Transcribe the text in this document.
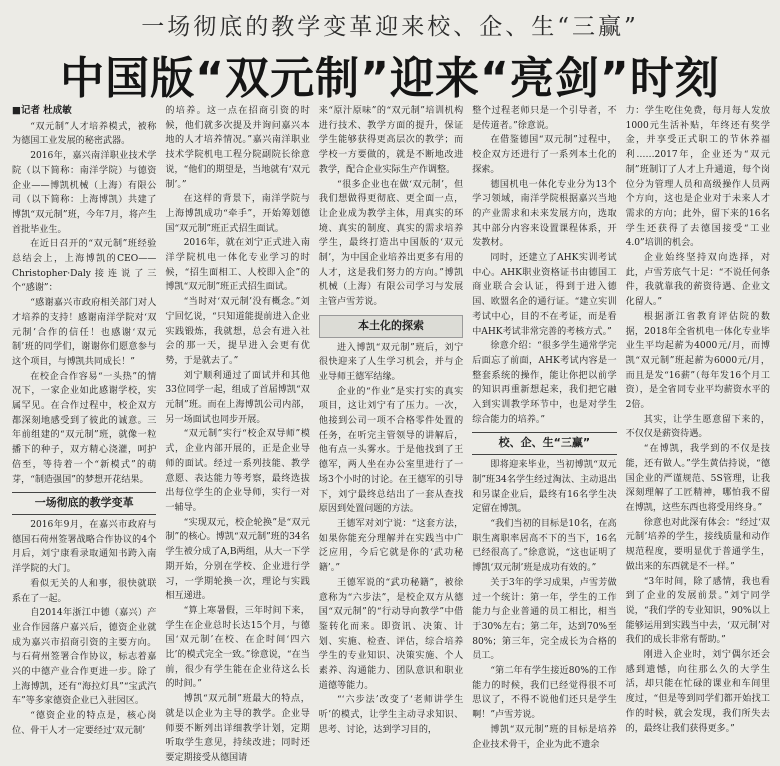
一场彻底的教学变革迎来校、企、生“三赢”
中国版“双元制”迎来“亮剑”时刻
■记者 杜成敏

“双元制”人才培养模式，被称为德国工业发展的秘密武器。

2016年，嘉兴南洋职业技术学院（以下简称：南洋学院）与德资企业——博凯机械（上海）有限公司（以下简称：上海博凯）共建了博凯“双元制”班，今年7月，将产生首批毕业生。

在近日召开的“双元制”班经验总结会上，上海博凯的CEO——Christopher·Daly接连说了三个“感谢”：

“感谢嘉兴市政府相关部门对人才培养的支持！感谢南洋学院对‘双元制’合作的信任！也感谢‘双元制’班的同学们，谢谢你们愿意参与这个项目，与博凯共同成长！”

在校企合作容易“一头热”的情况下，一家企业如此感谢学校，实属罕见。在合作过程中，校企双方都深刻地感受到了彼此的诚意。三年前组建的“双元制”班，就像一粒播下的种子，双方精心浇灌，呵护倍至，等待着一个“新模式”的萌芽，“制造强国”的梦想开花结果。

一场彻底的教学变革

2016年9月，在嘉兴市政府与德国石荷州签署战略合作协议的4个月后，刘宁康看录取通知书跨入南洋学院的大门。

看似无关的人和事，很快就联系在了一起。

自2014年浙江中德（嘉兴）产业合作园落户嘉兴后，德资企业就成为嘉兴市招商引资的主要方向。与石荷州签署合作协议，标志着嘉兴的中德产业合作更进一步。除了上海博凯，还有“海拉灯具”“宝武汽车”等多家德资企业已入驻园区。

“德资企业的特点是，核心岗位、骨干人才一定要经过‘双元制’

的培养。这一点在招商引资的时候，他们就多次提及并询问嘉兴本地的人才培养情况。”嘉兴南洋职业技术学院机电工程分院副院长徐意说，“他们的期望是，当地就有‘双元制’。”

在这样的背景下，南洋学院与上海博凯成功“牵手”，开始筹划德国“双元制”班正式招生面试。

2016年，就在刘宁正式进入南洋学院机电一体化专业学习的时候，“招生面相工、人校即入企”的博凯“双元制”班正式招生面试。

“当时对‘双元制’没有概念。”刘宁回忆说，“只知道能提前进入企业实践锻炼，我就想，总会有进入社会的那一天，提早进入会更有优势，于是就去了。”

刘宁顺利通过了面试并和其他33位同学一起，组成了首届博凯“双元制”班。而在上海博凯公司内部，另一场面试也同步开展。

“双元制”实行“校企双导师”模式，企业内部开展的，正是企业导师的面试。经过一系列技能、教学意愿、表达能力等考察，最终选拔出每位学生的企业导师，实行一对一辅导。

“实现双元，校企轮换”是“双元制”的核心。博凯“双元制”班的34名学生被分成了A,B两组，从大一下学期开始，分别在学校、企业进行学习，一学期轮换一次，理论与实践相互递进。

“算上寒暑假，三年时间下来，学生在企业总时长达15个月，与德国‘双元制’在校、在企时间‘四六比’的模式完全一致。”徐意说，“在当前，很少有学生能在企业待这么长的时间。”

博凯“双元制”班最大的特点，就是以企业为主导的教学。企业导师要不断列出详细教学计划，定期听取学生意见，持续改进；同时还要定期接受从德国请

来“原汁原味”的“双元制”培训机构进行技术、教学方面的提升，保证学生能够获得更高层次的教学；而学校一方要做的，就是不断地改进教学，配合企业实际生产作调整。

“很多企业也在做‘双元制’，但我们想做得更彻底、更全面一点，让企业成为教学主体，用真实的环境、真实的制度、真实的需求培养学生，最终打造出中国版的‘双元制’，为中国企业培养出更多有用的人才，这是我们努力的方向。”博凯机械（上海）有限公司学习与发展主管卢雪芳说。

本土化的探索

进入博凯“双元制”班后，刘宁很快迎来了人生学习机会，并与企业导师王德军结缘。

企业的“作业”是实打实的真实项目，这让刘宁有了压力。一次，他接到公司一项不合格零件处置的任务，在听完主管领导的讲解后，他有点一头雾水。于是他找到了王德军，两人坐在办公室里进行了一场3个小时的讨论。在王德军的引导下，刘宁最终总结出了一套从查找原因到处置问题的方法。

王德军对刘宁说：“这套方法，如果你能充分理解并在实践当中广泛应用，今后它就是你的‘武功秘籍’。”

王德军说的“武功秘籍”，被徐意称为“六步法”，是校企双方从德国“双元制”的“行动导向教学”中借鉴转化而来。即资讯、决策、计划、实施、检查、评估，综合培养学生的专业知识、决策实施、个人素养、沟通能力、团队意识和职业道德等能力。

“‘六步法’改变了‘老师讲学生听’的模式，让学生主动寻求知识、思考、讨论，达到学习目的，

整个过程老师只是一个引导者，不是传道者。”徐意说。

在借鉴德国“双元制”过程中，校企双方还进行了一系列本土化的探索。

德国机电一体化专业分为13个学习领域，南洋学院根据嘉兴当地的产业需求和未来发展方向，选取其中部分内容来设置课程体系，开发教材。

同时，还建立了AHK实训考试中心。AHK职业资格证书由德国工商业联合会认证，得到于进入德国、欧盟名企的通行证。“建立实训考试中心，目的不在考证，而是看中AHK考试非常完善的考核方式。”

徐意介绍：“很多学生通常学完后面忘了前面，AHK考试内容是一整套系统的操作，能让你把以前学的知识再重新想起来，我们把它融入到实训教学环节中，也是对学生综合能力的培养。”

校、企、生“三赢”

即将迎来毕业，当初博凯“双元制”班34名学生经过淘汰、主动退出和另谋企业后，最终有16名学生决定留在博凯。

“我们当初的目标是10名，在高职生离职率居高不下的当下，16名已经很高了。”徐意说，“这也证明了博凯‘双元制’班是成功有效的。”

关于3年的学习成果，卢雪芳做过一个统计：第一年，学生的工作能力与企业普通的员工相比，相当于30%左右；第二年，达到70%至80%；第三年，完全成长为合格的员工。

“第二年有学生接近80%的工作能力的时候，我们已经觉得很不可思议了，不得不说他们还只是学生啊！”卢雪芳说。

博凯“双元制”班的目标是培养企业技术骨干，企业为此不遗余

力：学生吃住免费，每月每人发放1000元生活补贴，年终还有奖学金，并享受正式职工的节休养福利……2017年，企业还为“双元制”班制订了人才上升通道，每个岗位分为管理人员和高级操作人员两个方向，这也是企业对于未来人才需求的方向；此外，留下来的16名学生还获得了去德国接受“工业4.0”培训的机会。

企业始终坚持双向选择，对此，卢雪芳底气十足：“不说任何条件，我就靠我的薪资待遇、企业文化留人。”

根据浙江省教育评估院的数据，2018年全省机电一体化专业毕业生平均起薪为4000元/月，而博凯“双元制”班起薪为6000元/月，而且是发“16薪”（每年发16个月工资），是全省同专业平均薪资水平的2倍。

其实，让学生愿意留下来的，不仅仅是薪资待遇。

“在博凯，我学到的不仅是技能，还有做人。”学生黄佶持说，“德国企业的严谨规范、5S管理，让我深刻理解了工匠精神，哪怕我不留在博凯，这些东西也将受用终身。”

徐意也对此深有体会：“经过‘双元制’培养的学生，接线质量和动作规范程度，要明显优于普通学生，做出来的东西就是不一样。”

“3年时间，除了感情，我也看到了企业的发展前景。”刘宁同学说，“我们学的专业知识，90%以上能够运用到实践当中去，‘双元制’对我们的成长非常有帮助。”

刚进入企业时，刘宁偶尔还会感到遗憾，向往那么久的大学生活，却只能在忙碌的课业和车间里度过，“但是等到同学们都开始找工作的时候，就会发现，我们所失去的，最终让我们获得更多。”
